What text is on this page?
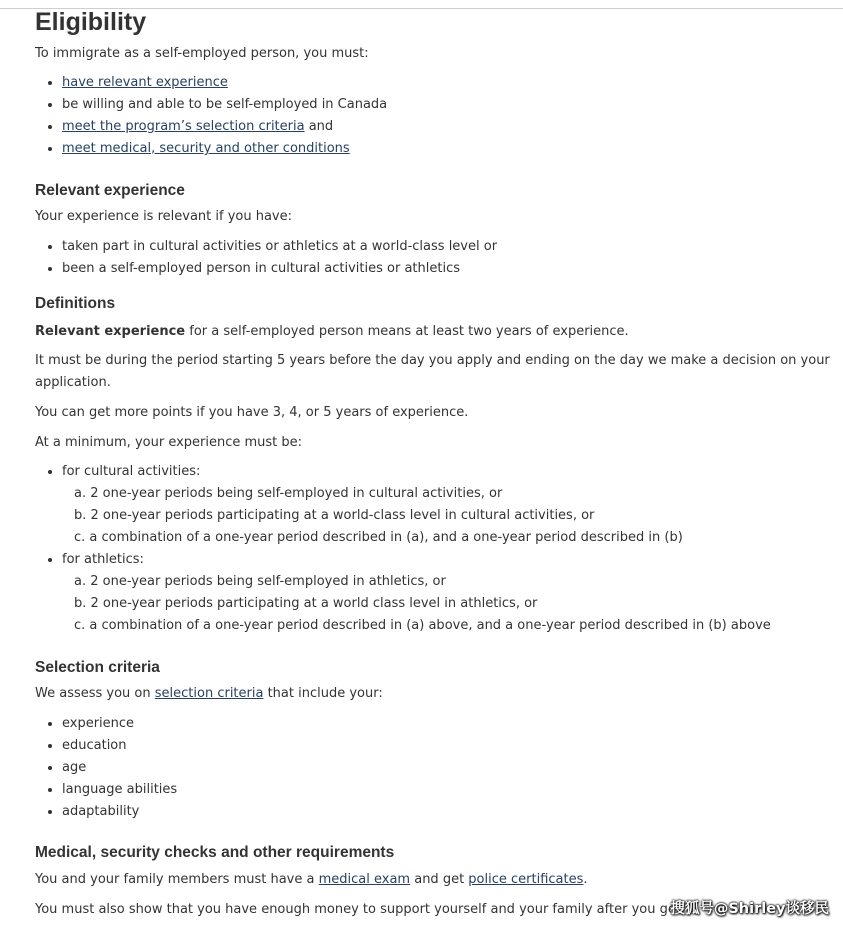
Eligibility
To immigrate as a self-employed person, you must:
have relevant experience
be willing and able to be self-employed in Canada
meet the program’s selection criteria and
meet medical, security and other conditions
Relevant experience
Your experience is relevant if you have:
taken part in cultural activities or athletics at a world-class level or
been a self-employed person in cultural activities or athletics
Definitions
Relevant experience for a self-employed person means at least two years of experience.
It must be during the period starting 5 years before the day you apply and ending on the day we make a decision on your
application.
You can get more points if you have 3, 4, or 5 years of experience.
At a minimum, your experience must be:
for cultural activities:
a. 2 one-year periods being self-employed in cultural activities, or
b. 2 one-year periods participating at a world-class level in cultural activities, or
c. a combination of a one-year period described in (a), and a one-year period described in (b)
for athletics:
a. 2 one-year periods being self-employed in athletics, or
b. 2 one-year periods participating at a world class level in athletics, or
c. a combination of a one-year period described in (a) above, and a one-year period described in (b) above
Selection criteria
We assess you on selection criteria that include your:
experience
education
age
language abilities
adaptability
Medical, security checks and other requirements
You and your family members must have a medical exam and get police certificates.
You must also show that you have enough money to support yourself and your family after you get
搜狐号@Shirley谈移民
